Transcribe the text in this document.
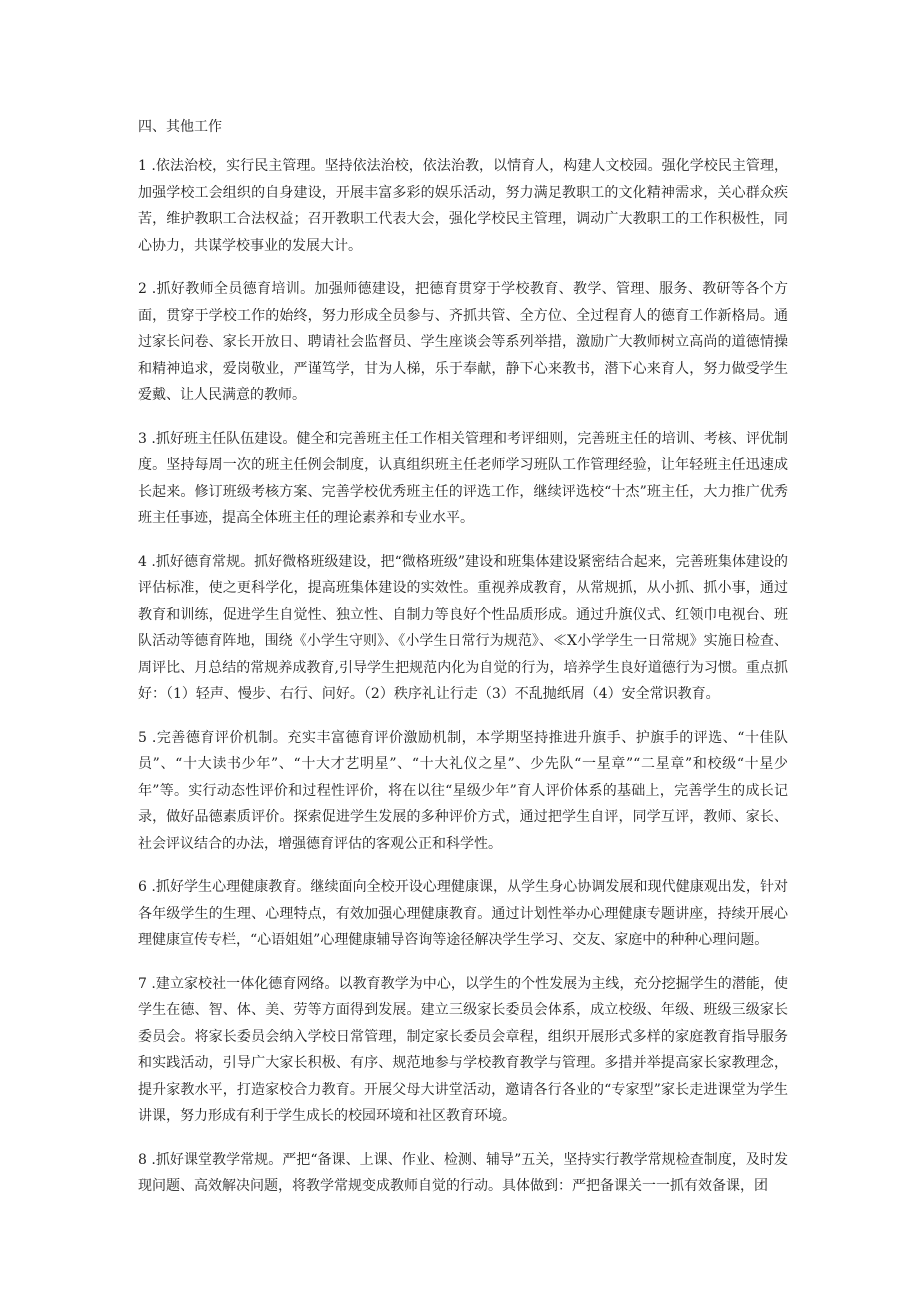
四、其他工作

1 .依法治校，实行民主管理。坚持依法治校，依法治教，以情育人，构建人文校园。强化学校民主管理，加强学校工会组织的自身建设，开展丰富多彩的娱乐活动，努力满足教职工的文化精神需求，关心群众疾苦，维护教职工合法权益；召开教职工代表大会，强化学校民主管理，调动广大教职工的工作积极性，同心协力，共谋学校事业的发展大计。

2 .抓好教师全员德育培训。加强师德建设，把德育贯穿于学校教育、教学、管理、服务、教研等各个方面，贯穿于学校工作的始终，努力形成全员参与、齐抓共管、全方位、全过程育人的德育工作新格局。通过家长问卷、家长开放日、聘请社会监督员、学生座谈会等系列举措，激励广大教师树立高尚的道德情操和精神追求，爱岗敬业，严谨笃学，甘为人梯，乐于奉献，静下心来教书，潜下心来育人，努力做受学生爱戴、让人民满意的教师。

3 .抓好班主任队伍建设。健全和完善班主任工作相关管理和考评细则，完善班主任的培训、考核、评优制度。坚持每周一次的班主任例会制度，认真组织班主任老师学习班队工作管理经验，让年轻班主任迅速成长起来。修订班级考核方案、完善学校优秀班主任的评选工作，继续评选校“十杰”班主任，大力推广优秀班主任事迹，提高全体班主任的理论素养和专业水平。

4 .抓好德育常规。抓好微格班级建设，把“微格班级”建设和班集体建设紧密结合起来，完善班集体建设的评估标准，使之更科学化，提高班集体建设的实效性。重视养成教育，从常规抓，从小抓、抓小事，通过教育和训练，促进学生自觉性、独立性、自制力等良好个性品质形成。通过升旗仪式、红领巾电视台、班队活动等德育阵地，围绕《小学生守则》、《小学生日常行为规范》、≪X小学学生一日常规》实施日检查、周评比、月总结的常规养成教育,引导学生把规范内化为自觉的行为，培养学生良好道德行为习惯。重点抓好：（1）轻声、慢步、右行、问好。（2）秩序礼让行走（3）不乱抛纸屑（4）安全常识教育。

5 .完善德育评价机制。充实丰富德育评价激励机制，本学期坚持推进升旗手、护旗手的评选、“十佳队员”、“十大读书少年”、“十大才艺明星”、“十大礼仪之星”、少先队“一星章”“二星章”和校级“十星少年”等。实行动态性评价和过程性评价，将在以往“星级少年”育人评价体系的基础上，完善学生的成长记录，做好品德素质评价。探索促进学生发展的多种评价方式，通过把学生自评，同学互评，教师、家长、社会评议结合的办法，增强德育评估的客观公正和科学性。

6 .抓好学生心理健康教育。继续面向全校开设心理健康课，从学生身心协调发展和现代健康观出发，针对各年级学生的生理、心理特点，有效加强心理健康教育。通过计划性举办心理健康专题讲座，持续开展心理健康宣传专栏，“心语姐姐”心理健康辅导咨询等途径解决学生学习、交友、家庭中的种种心理问题。

7 .建立家校社一体化德育网络。以教育教学为中心，以学生的个性发展为主线，充分挖掘学生的潜能，使学生在德、智、体、美、劳等方面得到发展。建立三级家长委员会体系，成立校级、年级、班级三级家长委员会。将家长委员会纳入学校日常管理，制定家长委员会章程，组织开展形式多样的家庭教育指导服务和实践活动，引导广大家长积极、有序、规范地参与学校教育教学与管理。多措并举提高家长家教理念，提升家教水平，打造家校合力教育。开展父母大讲堂活动，邀请各行各业的“专家型”家长走进课堂为学生讲课，努力形成有利于学生成长的校园环境和社区教育环境。

8 .抓好课堂教学常规。严把“备课、上课、作业、检测、辅导”五关，坚持实行教学常规检查制度，及时发现问题、高效解决问题，将教学常规变成教师自觉的行动。具体做到：严把备课关一一抓有效备课，团
